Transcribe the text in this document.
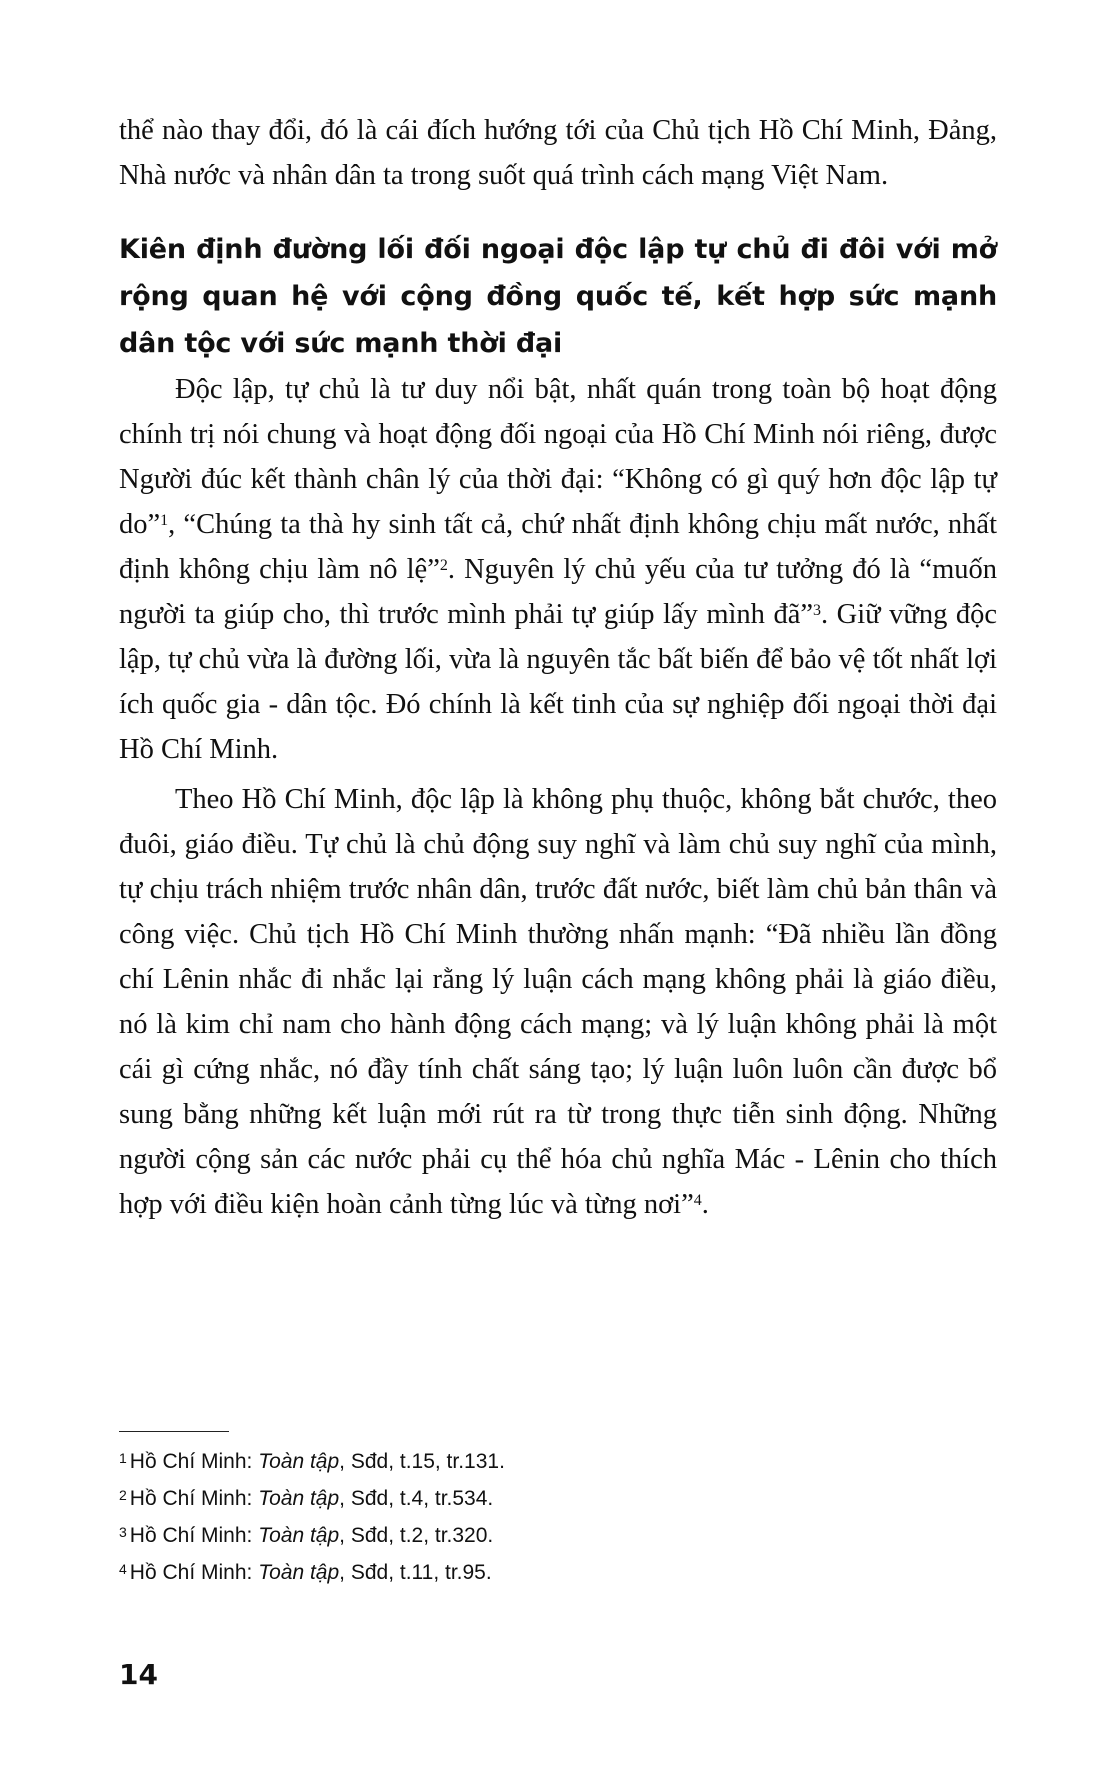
thể nào thay đổi, đó là cái đích hướng tới của Chủ tịch Hồ Chí Minh, Đảng, Nhà nước và nhân dân ta trong suốt quá trình cách mạng Việt Nam.

Kiên định đường lối đối ngoại độc lập tự chủ đi đôi với mở rộng quan hệ với cộng đồng quốc tế, kết hợp sức mạnh dân tộc với sức mạnh thời đại

Độc lập, tự chủ là tư duy nổi bật, nhất quán trong toàn bộ hoạt động chính trị nói chung và hoạt động đối ngoại của Hồ Chí Minh nói riêng, được Người đúc kết thành chân lý của thời đại: “Không có gì quý hơn độc lập tự do”$^1$, “Chúng ta thà hy sinh tất cả, chứ nhất định không chịu mất nước, nhất định không chịu làm nô lệ”$^2$. Nguyên lý chủ yếu của tư tưởng đó là “muốn người ta giúp cho, thì trước mình phải tự giúp lấy mình đã”$^3$. Giữ vững độc lập, tự chủ vừa là đường lối, vừa là nguyên tắc bất biến để bảo vệ tốt nhất lợi ích quốc gia - dân tộc. Đó chính là kết tinh của sự nghiệp đối ngoại thời đại Hồ Chí Minh.

Theo Hồ Chí Minh, độc lập là không phụ thuộc, không bắt chước, theo đuôi, giáo điều. Tự chủ là chủ động suy nghĩ và làm chủ suy nghĩ của mình, tự chịu trách nhiệm trước nhân dân, trước đất nước, biết làm chủ bản thân và công việc. Chủ tịch Hồ Chí Minh thường nhấn mạnh: “Đã nhiều lần đồng chí Lênin nhắc đi nhắc lại rằng lý luận cách mạng không phải là giáo điều, nó là kim chỉ nam cho hành động cách mạng; và lý luận không phải là một cái gì cứng nhắc, nó đầy tính chất sáng tạo; lý luận luôn luôn cần được bổ sung bằng những kết luận mới rút ra từ trong thực tiễn sinh động. Những người cộng sản các nước phải cụ thể hóa chủ nghĩa Mác - Lênin cho thích hợp với điều kiện hoàn cảnh từng lúc và từng nơi”$^4$.

$^1$ Hồ Chí Minh: Toàn tập, Sđd, t.15, tr.131.

$^2$ Hồ Chí Minh: Toàn tập, Sđd, t.4, tr.534.

$^3$ Hồ Chí Minh: Toàn tập, Sđd, t.2, tr.320.

$^4$ Hồ Chí Minh: Toàn tập, Sđd, t.11, tr.95.

14
